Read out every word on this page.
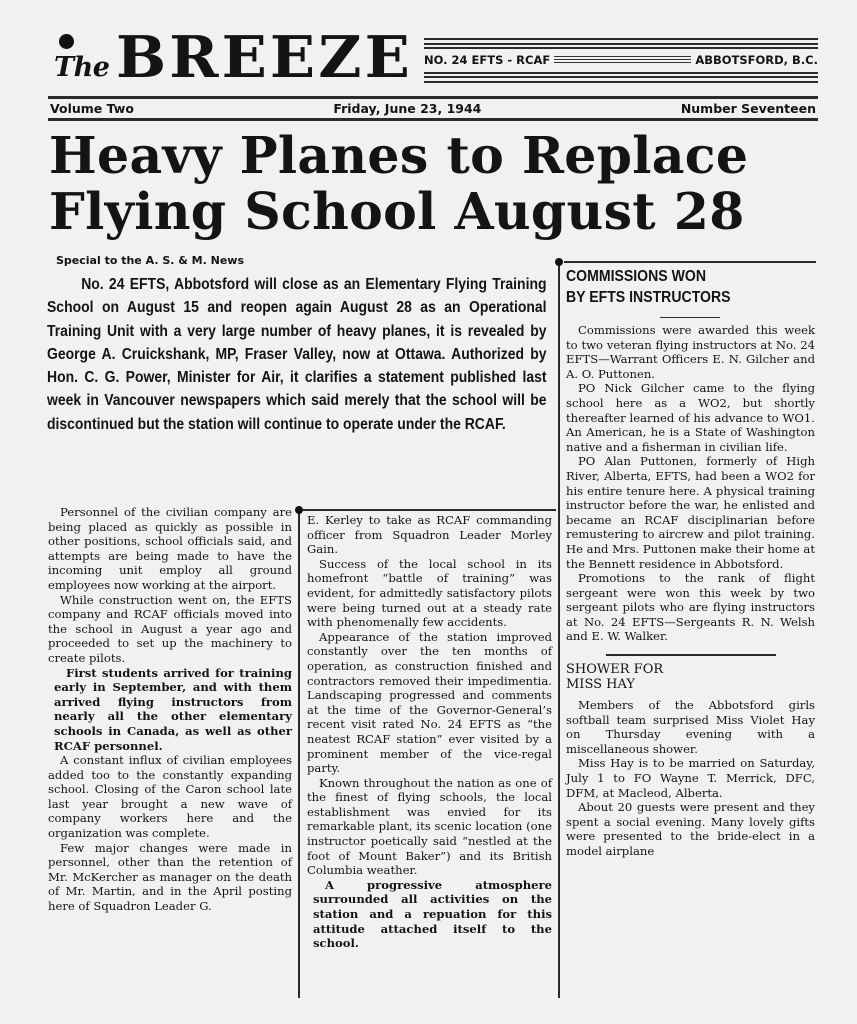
The BREEZE NO. 24 EFTS - RCAF	ABBOTSFORD, B.C.
Volume Two	Friday, June 23, 1944	Number Seventeen
Heavy Planes to Replace
Flying School August 28
Special to the A. S. & M. News

No. 24 EFTS, Abbotsford will close as an Elementary Flying Training School on August 15 and reopen again August 28 as an Operational Training Unit with a very large number of heavy planes, it is revealed by George A. Cruickshank, MP, Fraser Valley, now at Ottawa. Authorized by Hon. C. G. Power, Minister for Air, it clarifies a statement published last week in Vancouver newspapers which said merely that the school will be discontinued but the station will continue to operate under the RCAF.

Personnel of the civilian company are being placed as quickly as possible in other positions, school officials said, and attempts are being made to have the incoming unit employ all ground employees now working at the airport.

While construction went on, the EFTS company and RCAF officials moved into the school in August a year ago and proceeded to set up the machinery to create pilots.

First students arrived for training early in September, and with them arrived flying instructors from nearly all the other elementary schools in Canada, as well as other RCAF personnel.

A constant influx of civilian employees added too to the constantly expanding school. Closing of the Caron school late last year brought a new wave of company workers here and the organization was complete.

Few major changes were made in personnel, other than the retention of Mr. McKercher as manager on the death of Mr. Martin, and in the April posting here of Squadron Leader G.

E. Kerley to take as RCAF commanding officer from Squadron Leader Morley Gain.

Success of the local school in its homefront “battle of training” was evident, for admittedly satisfactory pilots were being turned out at a steady rate with phenomenally few accidents.

Appearance of the station improved constantly over the ten months of operation, as construction finished and contractors removed their impedimentia. Landscaping progressed and comments at the time of the Governor-General’s recent visit rated No. 24 EFTS as “the neatest RCAF station” ever visited by a prominent member of the vice-regal party.

Known throughout the nation as one of the finest of flying schools, the local establishment was envied for its remarkable plant, its scenic location (one instructor poetically said “nestled at the foot of Mount Baker”) and its British Columbia weather.

A progressive atmosphere surrounded all activities on the station and a repuation for this attitude attached itself to the school.

COMMISSIONS WON
BY EFTS INSTRUCTORS

Commissions were awarded this week to two veteran flying instructors at No. 24 EFTS—Warrant Officers E. N. Gilcher and A. O. Puttonen.

PO Nick Gilcher came to the flying school here as a WO2, but shortly thereafter learned of his advance to WO1. An American, he is a State of Washington native and a fisherman in civilian life.

PO Alan Puttonen, formerly of High River, Alberta, EFTS, had been a WO2 for his entire tenure here. A physical training instructor before the war, he enlisted and became an RCAF disciplinarian before remustering to aircrew and pilot training. He and Mrs. Puttonen make their home at the Bennett residence in Abbotsford.

Promotions to the rank of flight sergeant were won this week by two sergeant pilots who are flying instructors at No. 24 EFTS—Sergeants R. N. Welsh and E. W. Walker.

SHOWER FOR
MISS HAY

Members of the Abbotsford girls softball team surprised Miss Violet Hay on Thursday evening with a miscellaneous shower.

Miss Hay is to be married on Saturday, July 1 to FO Wayne T. Merrick, DFC, DFM, at Macleod, Alberta.

About 20 guests were present and they spent a social evening. Many lovely gifts were presented to the bride-elect in a model airplane
